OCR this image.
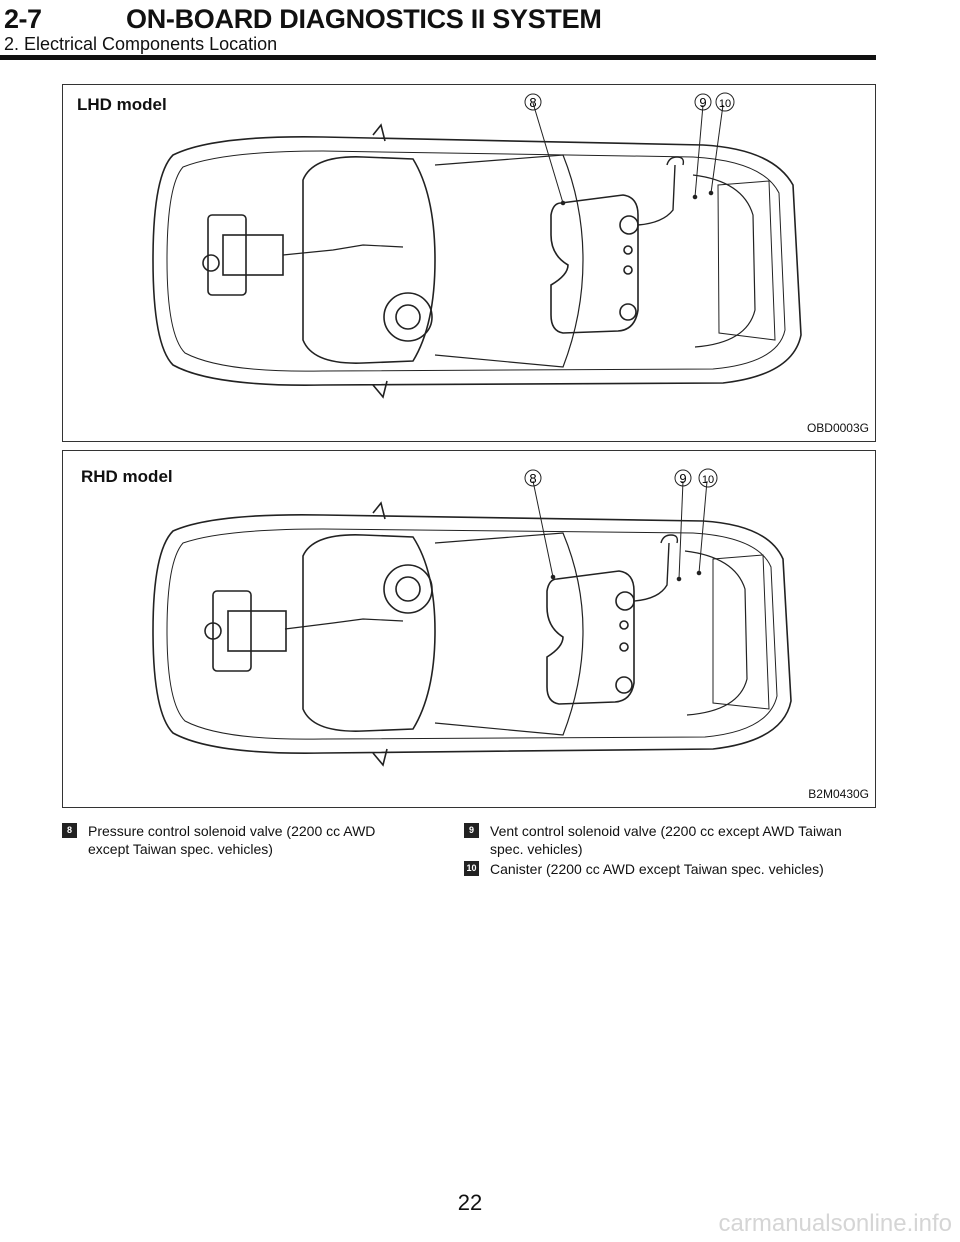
2-7	ON-BOARD DIAGNOSTICS II SYSTEM
2. Electrical Components Location
8	9 10
LHD model
OBD0003G
8	9 10
RHD model
B2M0430G
8	Pressure control solenoid valve (2200 cc AWD except Taiwan spec. vehicles)
9	Vent control solenoid valve (2200 cc except AWD Taiwan spec. vehicles)
10 Canister (2200 cc AWD except Taiwan spec. vehicles)
22
carmanualsonline.info
